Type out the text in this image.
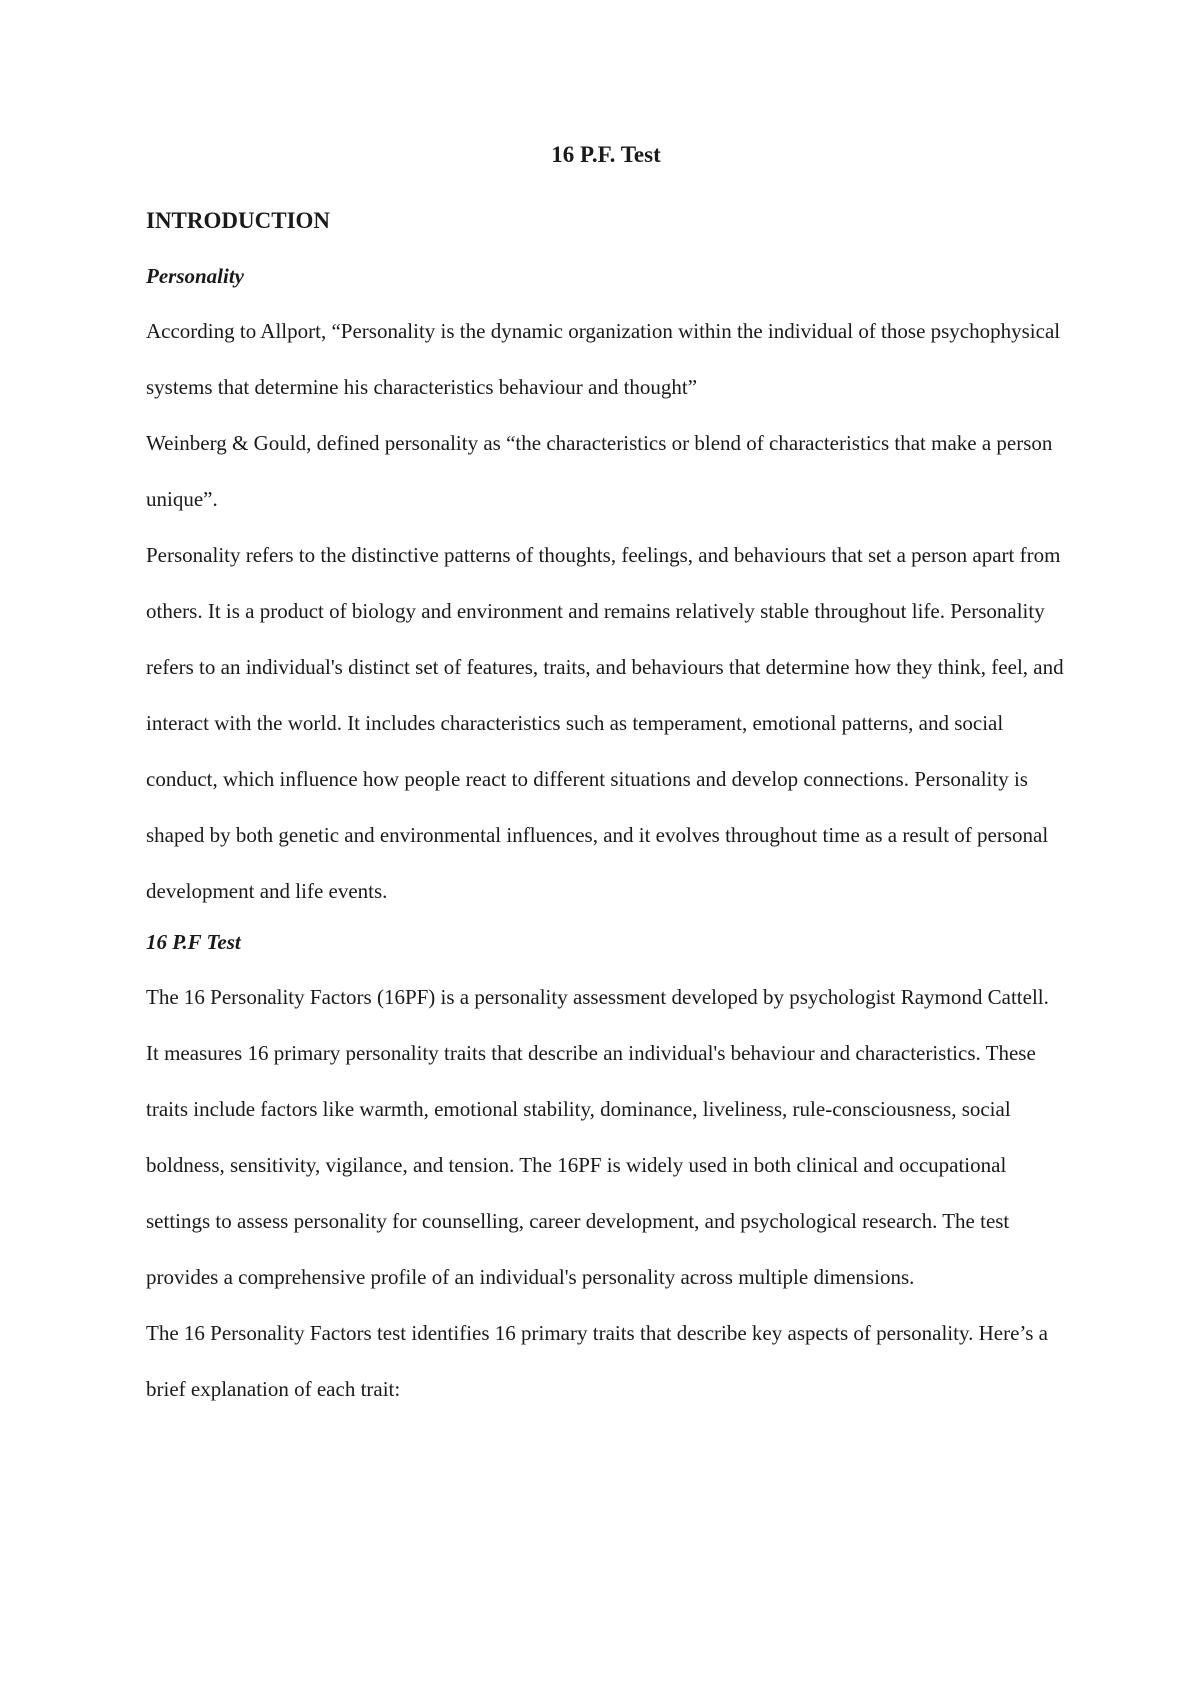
16 P.F. Test
INTRODUCTION
Personality

According to Allport, “Personality is the dynamic organization within the individual of those psychophysical systems that determine his characteristics behaviour and thought”

Weinberg & Gould, defined personality as “the characteristics or blend of characteristics that make a person unique”.

Personality refers to the distinctive patterns of thoughts, feelings, and behaviours that set a person apart from others. It is a product of biology and environment and remains relatively stable throughout life. Personality refers to an individual's distinct set of features, traits, and behaviours that determine how they think, feel, and interact with the world. It includes characteristics such as temperament, emotional patterns, and social conduct, which influence how people react to different situations and develop connections. Personality is shaped by both genetic and environmental influences, and it evolves throughout time as a result of personal development and life events.

16 P.F Test

The 16 Personality Factors (16PF) is a personality assessment developed by psychologist Raymond Cattell. It measures 16 primary personality traits that describe an individual's behaviour and characteristics. These traits include factors like warmth, emotional stability, dominance, liveliness, rule-consciousness, social boldness, sensitivity, vigilance, and tension. The 16PF is widely used in both clinical and occupational settings to assess personality for counselling, career development, and psychological research. The test provides a comprehensive profile of an individual's personality across multiple dimensions.

The 16 Personality Factors test identifies 16 primary traits that describe key aspects of personality. Here’s a brief explanation of each trait:
